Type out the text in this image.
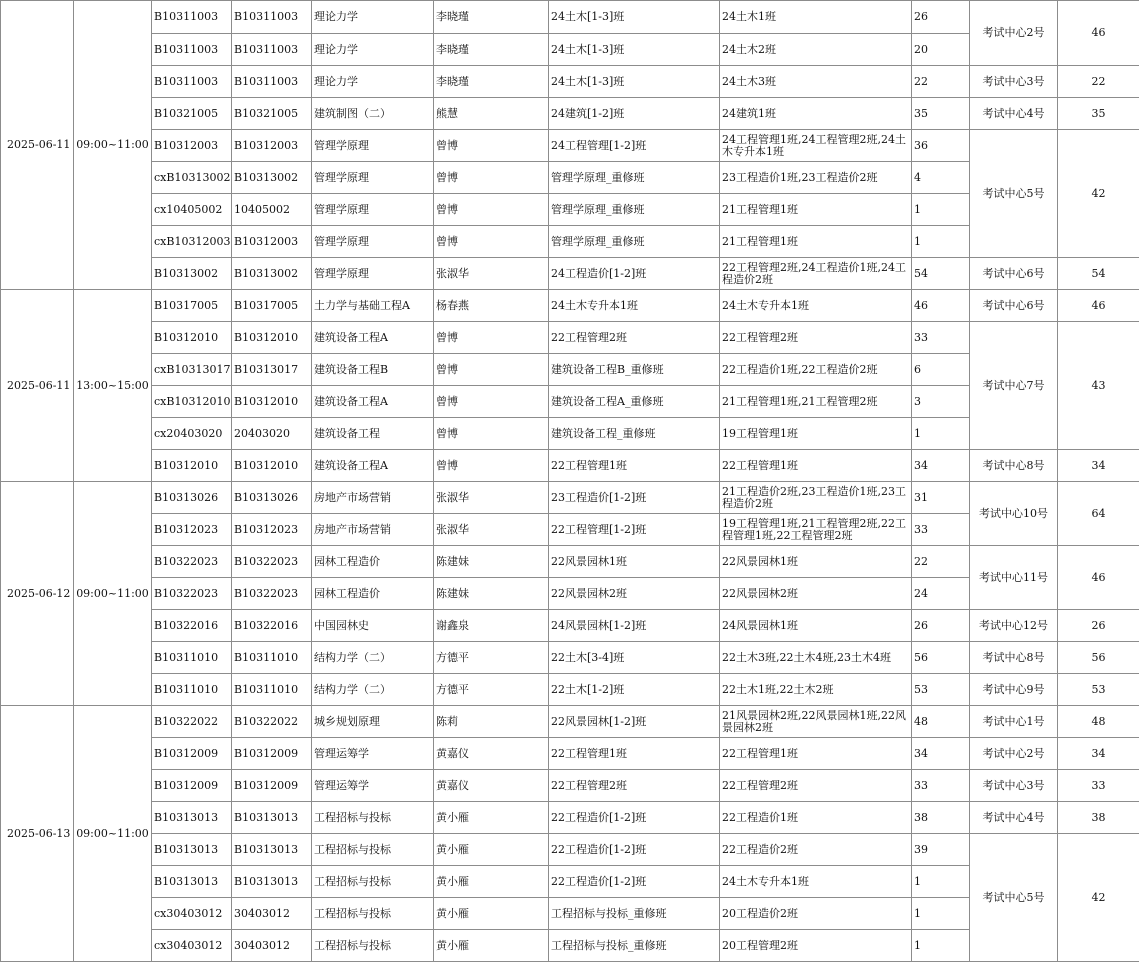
2025-06-11	09:00~11:00	B10311003	B10311003	理论力学	李晓瑾	24土木[1-3]班	24土木1班	26	考试中心2号	46
		B10311003	B10311003	理论力学	李晓瑾	24土木[1-3]班	24土木2班	20		
		B10311003	B10311003	理论力学	李晓瑾	24土木[1-3]班	24土木3班	22	考试中心3号	22
		B10321005	B10321005	建筑制图（二）	熊慧	24建筑[1-2]班	24建筑1班	35	考试中心4号	35
		B10312003	B10312003	管理学原理	曾博	24工程管理[1-2]班	24工程管理1班,24工程管理2班,24土木专升本1班	36	考试中心5号	42
		cxB10313002	B10313002	管理学原理	曾博	管理学原理_重修班	23工程造价1班,23工程造价2班	4		
		cx10405002	10405002	管理学原理	曾博	管理学原理_重修班	21工程管理1班	1		
		cxB10312003	B10312003	管理学原理	曾博	管理学原理_重修班	21工程管理1班	1		
		B10313002	B10313002	管理学原理	张淑华	24工程造价[1-2]班	22工程管理2班,24工程造价1班,24工程造价2班	54	考试中心6号	54
2025-06-11	13:00~15:00	B10317005	B10317005	土力学与基础工程A	杨春燕	24土木专升本1班	24土木专升本1班	46	考试中心6号	46
		B10312010	B10312010	建筑设备工程A	曾博	22工程管理2班	22工程管理2班	33	考试中心7号	43
		cxB10313017	B10313017	建筑设备工程B	曾博	建筑设备工程B_重修班	22工程造价1班,22工程造价2班	6		
		cxB10312010	B10312010	建筑设备工程A	曾博	建筑设备工程A_重修班	21工程管理1班,21工程管理2班	3		
		cx20403020	20403020	建筑设备工程	曾博	建筑设备工程_重修班	19工程管理1班	1		
		B10312010	B10312010	建筑设备工程A	曾博	22工程管理1班	22工程管理1班	34	考试中心8号	34
2025-06-12	09:00~11:00	B10313026	B10313026	房地产市场营销	张淑华	23工程造价[1-2]班	21工程造价2班,23工程造价1班,23工程造价2班	31	考试中心10号	64
		B10312023	B10312023	房地产市场营销	张淑华	22工程管理[1-2]班	19工程管理1班,21工程管理2班,22工程管理1班,22工程管理2班	33		
		B10322023	B10322023	园林工程造价	陈建妹	22风景园林1班	22风景园林1班	22	考试中心11号	46
		B10322023	B10322023	园林工程造价	陈建妹	22风景园林2班	22风景园林2班	24		
		B10322016	B10322016	中国园林史	谢鑫泉	24风景园林[1-2]班	24风景园林1班	26	考试中心12号	26
		B10311010	B10311010	结构力学（二）	方德平	22土木[3-4]班	22土木3班,22土木4班,23土木4班	56	考试中心8号	56
		B10311010	B10311010	结构力学（二）	方德平	22土木[1-2]班	22土木1班,22土木2班	53	考试中心9号	53
2025-06-13	09:00~11:00	B10322022	B10322022	城乡规划原理	陈莉	22风景园林[1-2]班	21风景园林2班,22风景园林1班,22风景园林2班	48	考试中心1号	48
		B10312009	B10312009	管理运筹学	黄嘉仪	22工程管理1班	22工程管理1班	34	考试中心2号	34
		B10312009	B10312009	管理运筹学	黄嘉仪	22工程管理2班	22工程管理2班	33	考试中心3号	33
		B10313013	B10313013	工程招标与投标	黄小雁	22工程造价[1-2]班	22工程造价1班	38	考试中心4号	38
		B10313013	B10313013	工程招标与投标	黄小雁	22工程造价[1-2]班	22工程造价2班	39	考试中心5号	42
		B10313013	B10313013	工程招标与投标	黄小雁	22工程造价[1-2]班	24土木专升本1班	1		
		cx30403012	30403012	工程招标与投标	黄小雁	工程招标与投标_重修班	20工程造价2班	1		
		cx30403012	30403012	工程招标与投标	黄小雁	工程招标与投标_重修班	20工程管理2班	1		
